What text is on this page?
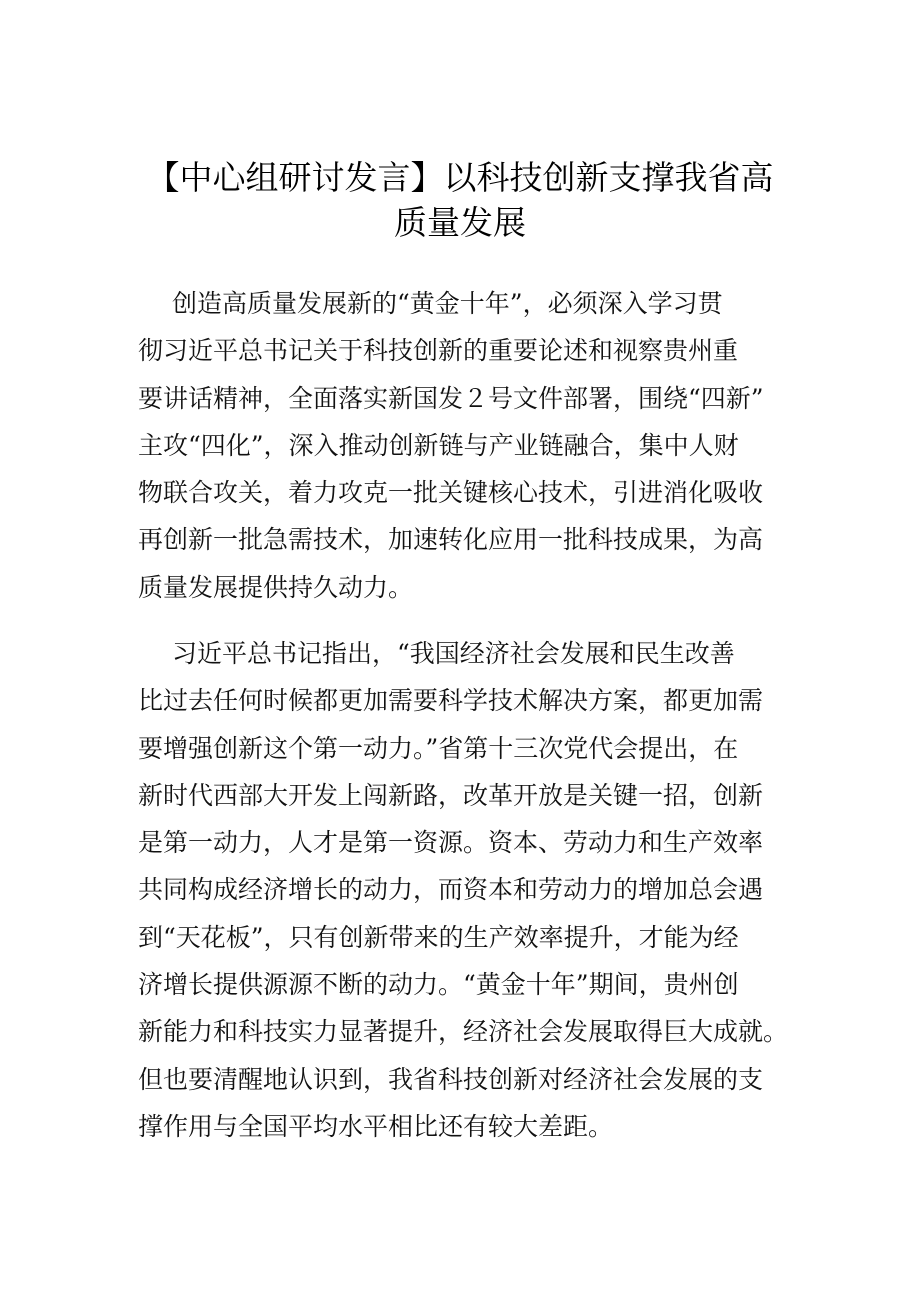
【中心组研讨发言】以科技创新支撑我省高
质量发展

创造高质量发展新的“黄金十年”，必须深入学习贯
彻习近平总书记关于科技创新的重要论述和视察贵州重
要讲话精神，全面落实新国发２号文件部署，围绕“四新”
主攻“四化”，深入推动创新链与产业链融合，集中人财
物联合攻关，着力攻克一批关键核心技术，引进消化吸收
再创新一批急需技术，加速转化应用一批科技成果，为高
质量发展提供持久动力。

习近平总书记指出，“我国经济社会发展和民生改善
比过去任何时候都更加需要科学技术解决方案，都更加需
要增强创新这个第一动力。”省第十三次党代会提出，在
新时代西部大开发上闯新路，改革开放是关键一招，创新
是第一动力，人才是第一资源。资本、劳动力和生产效率
共同构成经济增长的动力，而资本和劳动力的增加总会遇
到“天花板”，只有创新带来的生产效率提升，才能为经
济增长提供源源不断的动力。“黄金十年”期间，贵州创
新能力和科技实力显著提升，经济社会发展取得巨大成就。
但也要清醒地认识到，我省科技创新对经济社会发展的支
撑作用与全国平均水平相比还有较大差距。
